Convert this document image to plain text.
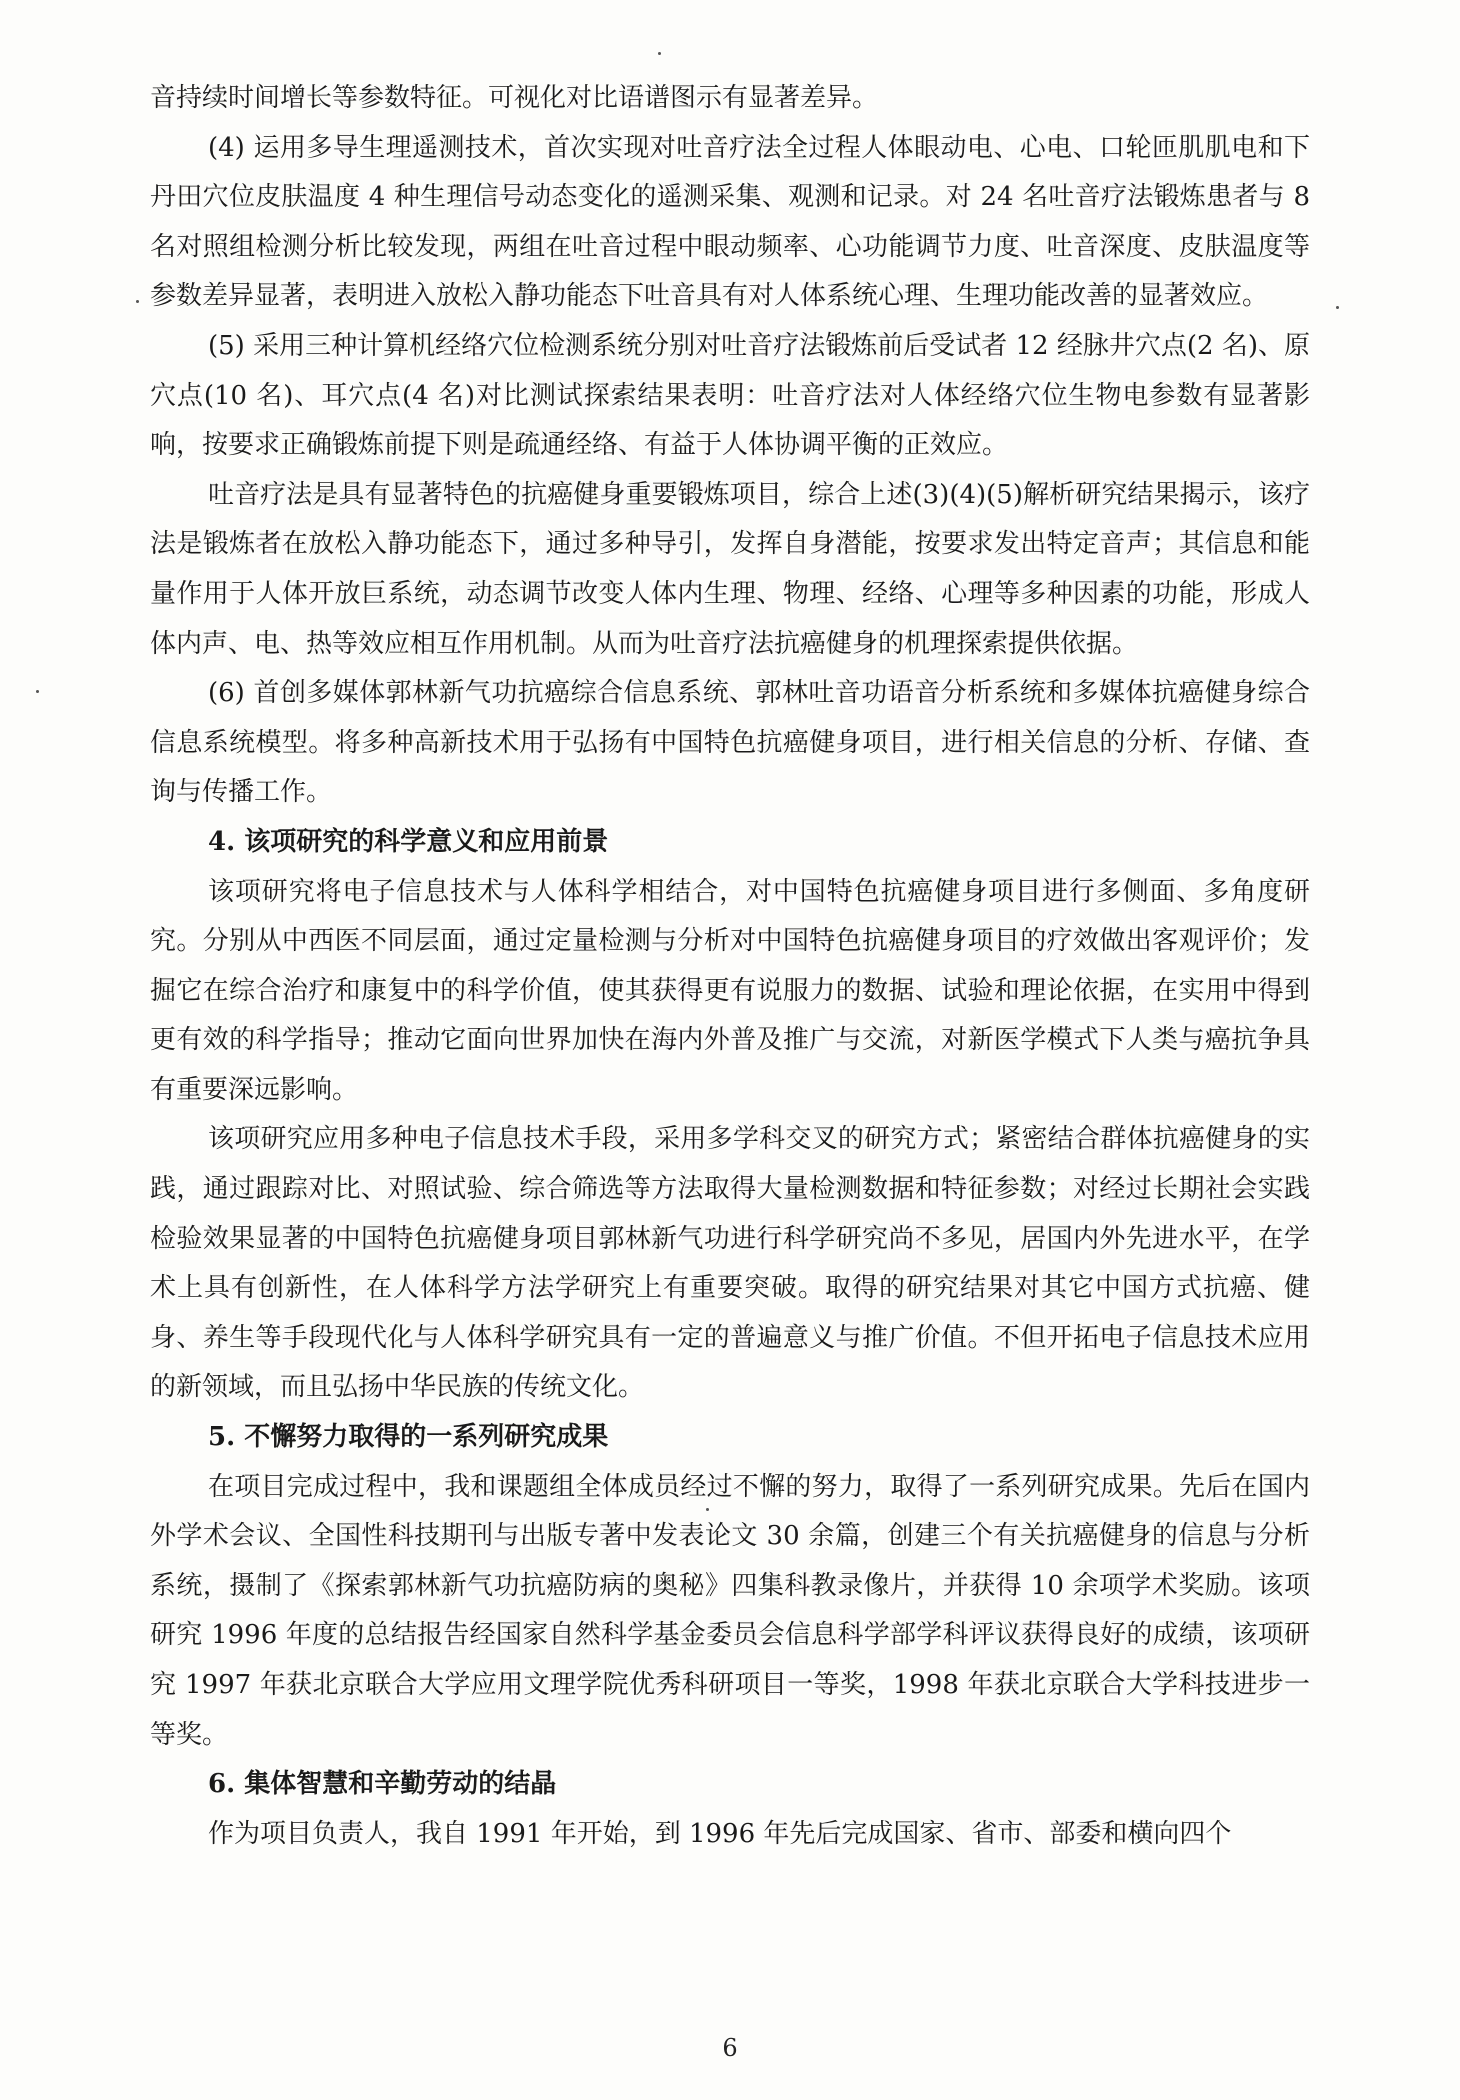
音持续时间增长等参数特征。可视化对比语谱图示有显著差异。

(4) 运用多导生理遥测技术，首次实现对吐音疗法全过程人体眼动电、心电、口轮匝肌肌电和下丹田穴位皮肤温度 4 种生理信号动态变化的遥测采集、观测和记录。对 24 名吐音疗法锻炼患者与 8 名对照组检测分析比较发现，两组在吐音过程中眼动频率、心功能调节力度、吐音深度、皮肤温度等参数差异显著，表明进入放松入静功能态下吐音具有对人体系统心理、生理功能改善的显著效应。

(5) 采用三种计算机经络穴位检测系统分别对吐音疗法锻炼前后受试者 12 经脉井穴点(2 名)、原穴点(10 名)、耳穴点(4 名)对比测试探索结果表明：吐音疗法对人体经络穴位生物电参数有显著影响，按要求正确锻炼前提下则是疏通经络、有益于人体协调平衡的正效应。

吐音疗法是具有显著特色的抗癌健身重要锻炼项目，综合上述(3)(4)(5)解析研究结果揭示，该疗法是锻炼者在放松入静功能态下，通过多种导引，发挥自身潜能，按要求发出特定音声；其信息和能量作用于人体开放巨系统，动态调节改变人体内生理、物理、经络、心理等多种因素的功能，形成人体内声、电、热等效应相互作用机制。从而为吐音疗法抗癌健身的机理探索提供依据。

(6) 首创多媒体郭林新气功抗癌综合信息系统、郭林吐音功语音分析系统和多媒体抗癌健身综合信息系统模型。将多种高新技术用于弘扬有中国特色抗癌健身项目，进行相关信息的分析、存储、查询与传播工作。

4. 该项研究的科学意义和应用前景

该项研究将电子信息技术与人体科学相结合，对中国特色抗癌健身项目进行多侧面、多角度研究。分别从中西医不同层面，通过定量检测与分析对中国特色抗癌健身项目的疗效做出客观评价；发掘它在综合治疗和康复中的科学价值，使其获得更有说服力的数据、试验和理论依据，在实用中得到更有效的科学指导；推动它面向世界加快在海内外普及推广与交流，对新医学模式下人类与癌抗争具有重要深远影响。

该项研究应用多种电子信息技术手段，采用多学科交叉的研究方式；紧密结合群体抗癌健身的实践，通过跟踪对比、对照试验、综合筛选等方法取得大量检测数据和特征参数；对经过长期社会实践检验效果显著的中国特色抗癌健身项目郭林新气功进行科学研究尚不多见，居国内外先进水平，在学术上具有创新性，在人体科学方法学研究上有重要突破。取得的研究结果对其它中国方式抗癌、健身、养生等手段现代化与人体科学研究具有一定的普遍意义与推广价值。不但开拓电子信息技术应用的新领域，而且弘扬中华民族的传统文化。

5. 不懈努力取得的一系列研究成果

在项目完成过程中，我和课题组全体成员经过不懈的努力，取得了一系列研究成果。先后在国内外学术会议、全国性科技期刊与出版专著中发表论文 30 余篇，创建三个有关抗癌健身的信息与分析系统，摄制了《探索郭林新气功抗癌防病的奥秘》四集科教录像片，并获得 10 余项学术奖励。该项研究 1996 年度的总结报告经国家自然科学基金委员会信息科学部学科评议获得良好的成绩，该项研究 1997 年获北京联合大学应用文理学院优秀科研项目一等奖，1998 年获北京联合大学科技进步一等奖。

6. 集体智慧和辛勤劳动的结晶

作为项目负责人，我自 1991 年开始，到 1996 年先后完成国家、省市、部委和横向四个

6
